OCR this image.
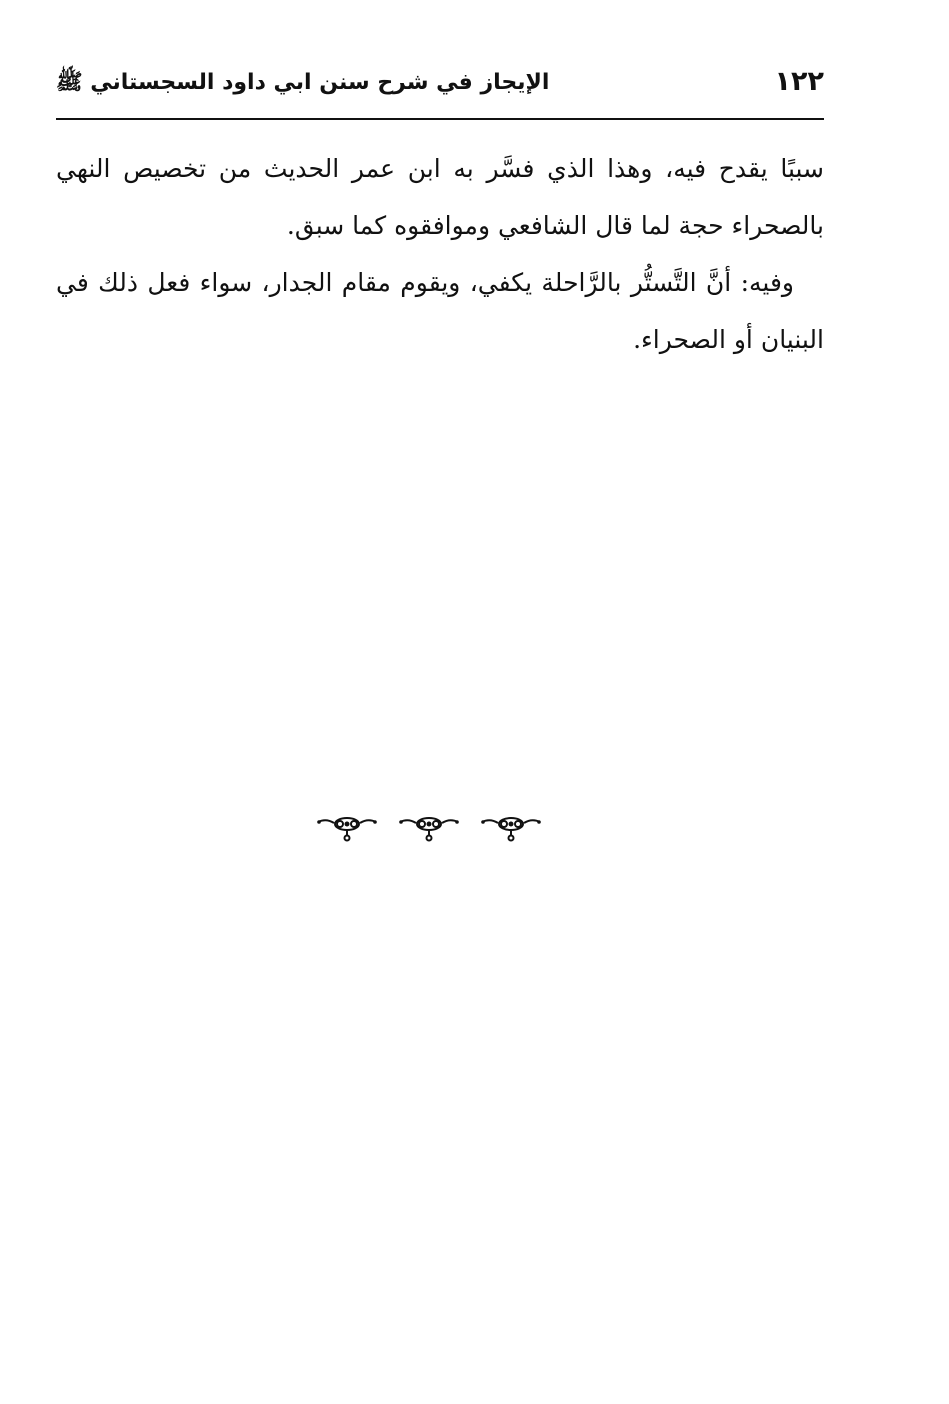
١٢٢
الإيجاز في شرح سنن ابي داود السجستاني ﷺ

سببًا يقدح فيه، وهذا الذي فسَّر به ابن عمر الحديث من تخصيص النهي بالصحراء حجة لما قال الشافعي وموافقوه كما سبق.

وفيه: أنَّ التَّستُّر بالرَّاحلة يكفي، ويقوم مقام الجدار، سواء فعل ذلك في البنيان أو الصحراء.
